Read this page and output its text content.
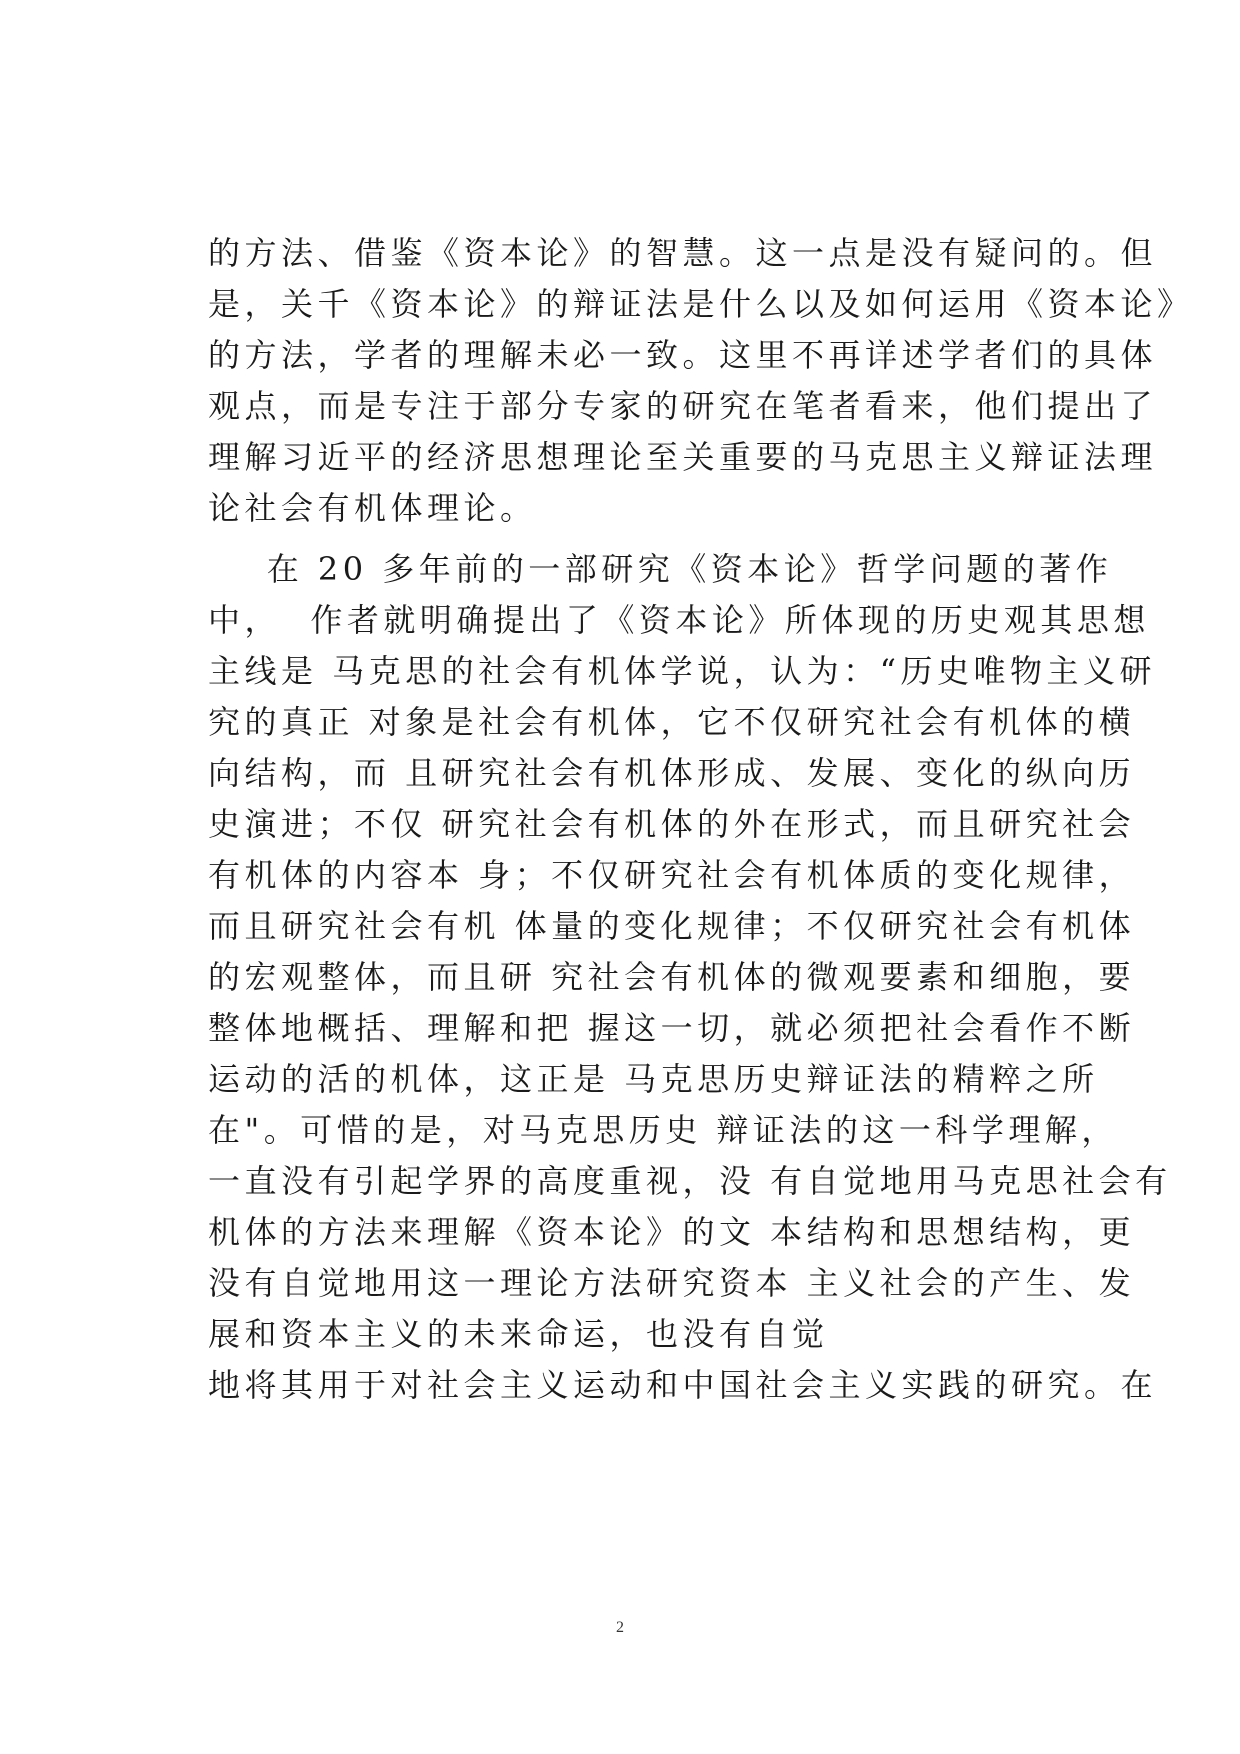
的方法、借鉴《资本论》的智慧。这一点是没有疑问的。但
是，关千《资本论》的辩证法是什么以及如何运用《资本论》
的方法，学者的理解未必一致。这里不再详述学者们的具体
观点，而是专注于部分专家的研究在笔者看来，他们提出了
理解习近平的经济思想理论至关重要的马克思主义辩证法理
论社会有机体理论。
在 20 多年前的一部研究《资本论》哲学问题的著作
中，  作者就明确提出了《资本论》所体现的历史观其思想
主线是 马克思的社会有机体学说，认为：“历史唯物主义研
究的真正 对象是社会有机体，它不仅研究社会有机体的横
向结构，而 且研究社会有机体形成、发展、变化的纵向历
史演进；不仅 研究社会有机体的外在形式，而且研究社会
有机体的内容本 身；不仅研究社会有机体质的变化规律，
而且研究社会有机 体量的变化规律；不仅研究社会有机体
的宏观整体，而且研 究社会有机体的微观要素和细胞，要
整体地概括、理解和把 握这一切，就必须把社会看作不断
运动的活的机体，这正是 马克思历史辩证法的精粹之所
在"。可惜的是，对马克思历史 辩证法的这一科学理解，
一直没有引起学界的高度重视，没 有自觉地用马克思社会有
机体的方法来理解《资本论》的文 本结构和思想结构，更
没有自觉地用这一理论方法研究资本 主义社会的产生、发
展和资本主义的未来命运，也没有自觉
地将其用于对社会主义运动和中国社会主义实践的研究。在
2
